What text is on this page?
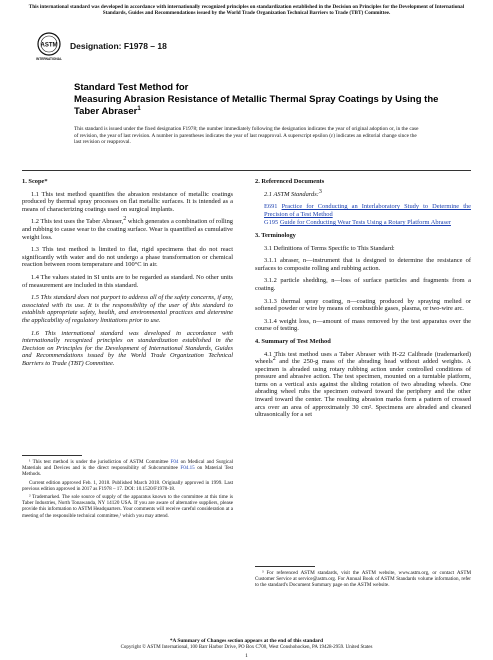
This international standard was developed in accordance with internationally recognized principles on standardization established in the Decision on Principles for the Development of International Standards, Guides and Recommendations issued by the World Trade Organization Technical Barriers to Trade (TBT) Committee.
ASTM
INTERNATIONAL
Designation: F1978 – 18
Standard Test Method for
Measuring Abrasion Resistance of Metallic Thermal Spray Coatings by Using the Taber Abraser$^1$
This standard is issued under the fixed designation F1978; the number immediately following the designation indicates the year of original adoption or, in the case of revision, the year of last revision. A number in parentheses indicates the year of last reapproval. A superscript epsilon (ε) indicates an editorial change since the last revision or reapproval.
1. Scope*

1.1 This test method quantifies the abrasion resistance of metallic coatings produced by thermal spray processes on flat metallic surfaces. It is intended as a means of characterizing coatings used on surgical implants.

1.2 This test uses the Taber Abraser,2 which generates a combination of rolling and rubbing to cause wear to the coating surface. Wear is quantified as cumulative weight loss.

1.3 This test method is limited to flat, rigid specimens that do not react significantly with water and do not undergo a phase transformation or chemical reaction between room temperature and 100°C in air.

1.4 The values stated in SI units are to be regarded as standard. No other units of measurement are included in this standard.

1.5 This standard does not purport to address all of the safety concerns, if any, associated with its use. It is the responsibility of the user of this standard to establish appropriate safety, health, and environmental practices and determine the applicability of regulatory limitations prior to use.

1.6 This international standard was developed in accordance with internationally recognized principles on standardization established in the Decision on Principles for the Development of International Standards, Guides and Recommendations issued by the World Trade Organization Technical Barriers to Trade (TBT) Committee.

¹ This test method is under the jurisdiction of ASTM Committee F04 on Medical and Surgical Materials and Devices and is the direct responsibility of Subcommittee F04.15 on Material Test Methods.

Current edition approved Feb. 1, 2018. Published March 2018. Originally approved in 1999. Last previous edition approved in 2017 as F1978 – 17. DOI: 10.1520/F1978-18.

² Trademarked. The sole source of supply of the apparatus known to the committee at this time is Taber Industries, North Tonawanda, NY 14120 USA. If you are aware of alternative suppliers, please provide this information to ASTM Headquarters. Your comments will receive careful consideration at a meeting of the responsible technical committee,¹ which you may attend.

2. Referenced Documents

2.1 ASTM Standards:3

E691 Practice for Conducting an Interlaboratory Study to Determine the Precision of a Test Method
G195 Guide for Conducting Wear Tests Using a Rotary Platform Abraser
3. Terminology

3.1 Definitions of Terms Specific to This Standard:

3.1.1 abraser, n—instrument that is designed to determine the resistance of surfaces to composite rolling and rubbing action.

3.1.2 particle shedding, n—loss of surface particles and fragments from a coating.

3.1.3 thermal spray coating, n—coating produced by spraying melted or softened powder or wire by means of combustible gases, plasma, or two-wire arc.

3.1.4 weight loss, n—amount of mass removed by the test apparatus over the course of testing.

4. Summary of Test Method

4.1 This test method uses a Taber Abraser with H-22 Calibrade (trademarked) wheels2 and the 250-g mass of the abrading head without added weights. A specimen is abraded using rotary rubbing action under controlled conditions of pressure and abrasive action. The test specimen, mounted on a turntable platform, turns on a vertical axis against the sliding rotation of two abrading wheels. One abrading wheel rubs the specimen outward toward the periphery and the other inward toward the center. The resulting abrasion marks form a pattern of crossed arcs over an area of approximately 30 cm². Specimens are abraded and cleaned ultrasonically for a set

³ For referenced ASTM standards, visit the ASTM website, www.astm.org, or contact ASTM Customer Service at service@astm.org. For Annual Book of ASTM Standards volume information, refer to the standard's Document Summary page on the ASTM website.

*A Summary of Changes section appears at the end of this standard
Copyright © ASTM International, 100 Barr Harbor Drive, PO Box C700, West Conshohocken, PA 19428-2959. United States
1
